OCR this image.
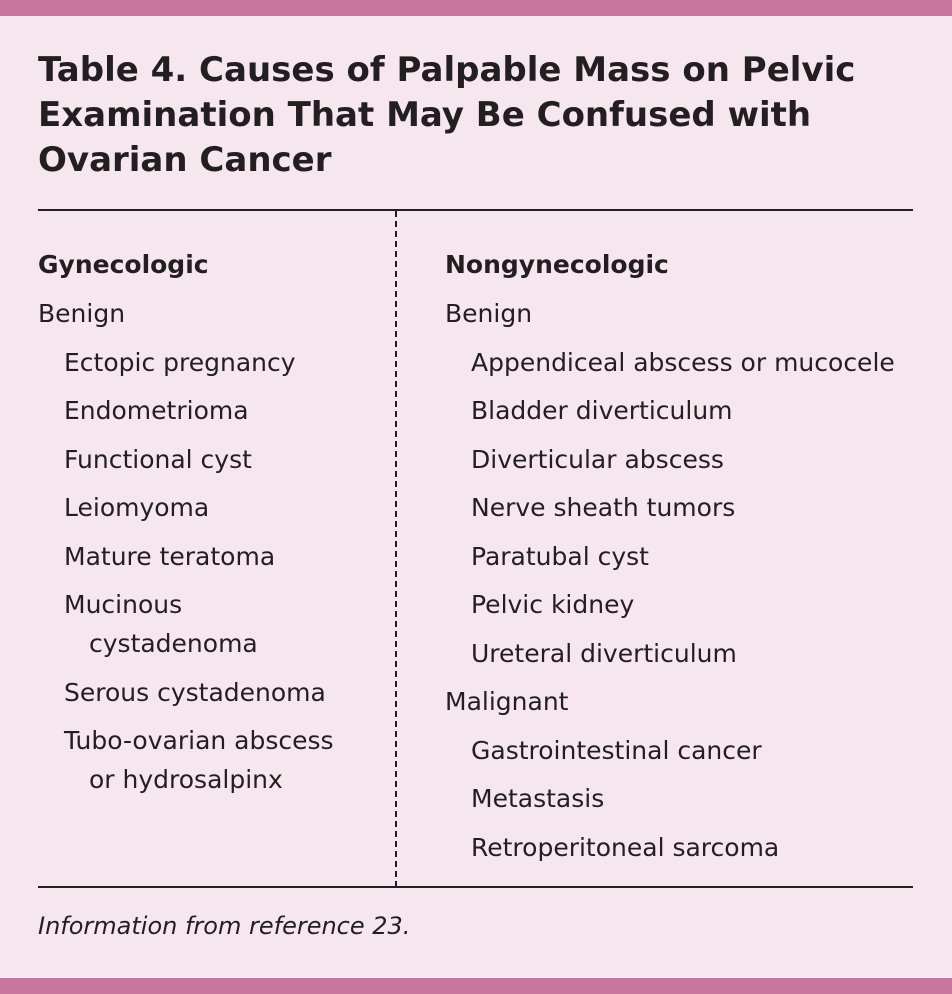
Table 4. Causes of Palpable Mass on Pelvic Examination That May Be Confused with Ovarian Cancer
Gynecologic
Benign
Ectopic pregnancy
Endometrioma
Functional cyst
Leiomyoma
Mature teratoma
Mucinous
cystadenoma
Serous cystadenoma
Tubo-ovarian abscess
or hydrosalpinx
Nongynecologic
Benign
Appendiceal abscess or mucocele
Bladder diverticulum
Diverticular abscess
Nerve sheath tumors
Paratubal cyst
Pelvic kidney
Ureteral diverticulum
Malignant
Gastrointestinal cancer
Metastasis
Retroperitoneal sarcoma
Information from reference 23.
